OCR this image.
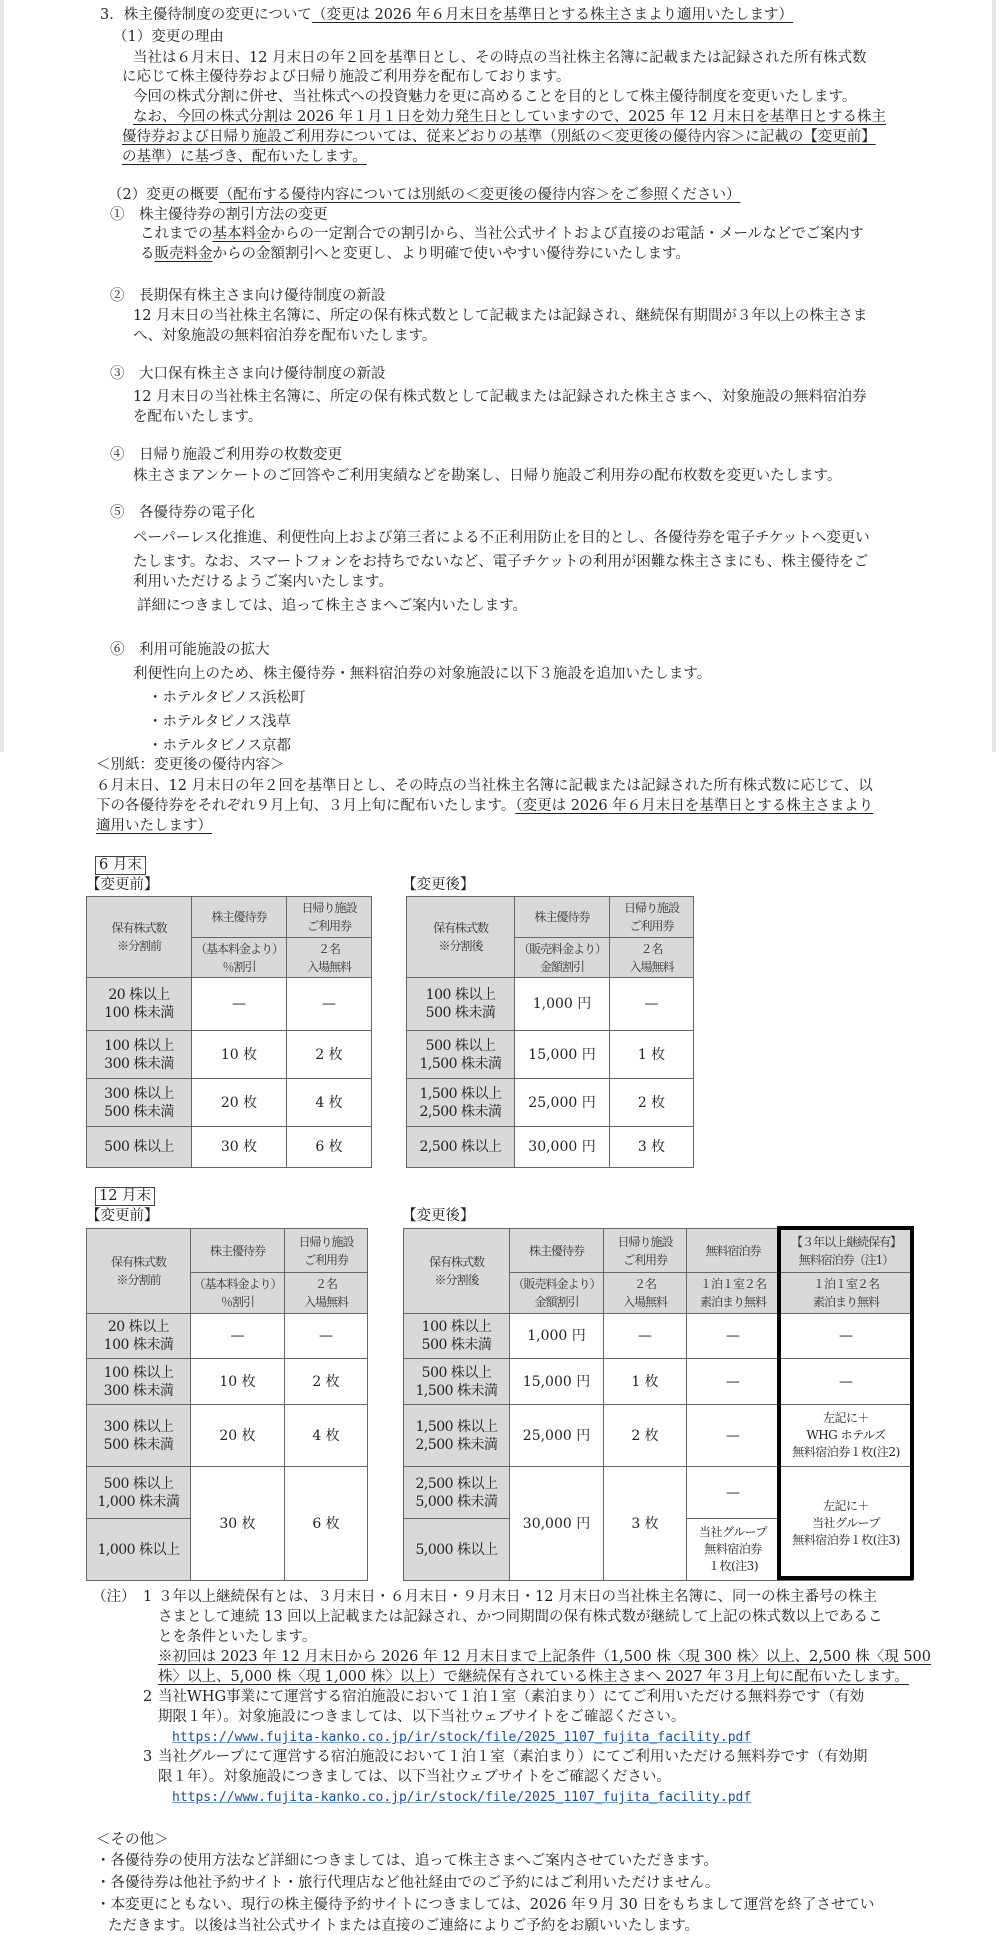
3．株主優待制度の変更について（変更は 2026 年６月末日を基準日とする株主さまより適用いたします）
（1）変更の理由
当社は６月末日、12 月末日の年２回を基準日とし、その時点の当社株主名簿に記載または記録された所有株式数
に応じて株主優待券および日帰り施設ご利用券を配布しております。
今回の株式分割に併せ、当社株式への投資魅力を更に高めることを目的として株主優待制度を変更いたします。
なお、今回の株式分割は 2026 年１月１日を効力発生日としていますので、2025 年 12 月末日を基準日とする株主
優待券および日帰り施設ご利用券については、従来どおりの基準（別紙の＜変更後の優待内容＞に記載の【変更前】
の基準）に基づき、配布いたします。
（2）変更の概要（配布する優待内容については別紙の＜変更後の優待内容＞をご参照ください）
①　株主優待券の割引方法の変更
これまでの基本料金からの一定割合での割引から、当社公式サイトおよび直接のお電話・メールなどでご案内す
る販売料金からの金額割引へと変更し、より明確で使いやすい優待券にいたします。
②　長期保有株主さま向け優待制度の新設
12 月末日の当社株主名簿に、所定の保有株式数として記載または記録され、継続保有期間が３年以上の株主さま
へ、対象施設の無料宿泊券を配布いたします。
③　大口保有株主さま向け優待制度の新設
12 月末日の当社株主名簿に、所定の保有株式数として記載または記録された株主さまへ、対象施設の無料宿泊券
を配布いたします。
④　日帰り施設ご利用券の枚数変更
株主さまアンケートのご回答やご利用実績などを勘案し、日帰り施設ご利用券の配布枚数を変更いたします。
⑤　各優待券の電子化
ペーパーレス化推進、利便性向上および第三者による不正利用防止を目的とし、各優待券を電子チケットへ変更い
たします。なお、スマートフォンをお持ちでないなど、電子チケットの利用が困難な株主さまにも、株主優待をご
利用いただけるようご案内いたします。
詳細につきましては、追って株主さまへご案内いたします。
⑥　利用可能施設の拡大
利便性向上のため、株主優待券・無料宿泊券の対象施設に以下３施設を追加いたします。
・ホテルタビノス浜松町
・ホテルタビノス浅草
・ホテルタビノス京都
＜別紙：変更後の優待内容＞
６月末日、12 月末日の年２回を基準日とし、その時点の当社株主名簿に記載または記録された所有株式数に応じて、以
下の各優待券をそれぞれ９月上旬、３月上旬に配布いたします。（変更は 2026 年６月末日を基準日とする株主さまより
適用いたします）
（注） 1 ３年以上継続保有とは、３月末日・６月末日・９月末日・12 月末日の当社株主名簿に、同一の株主番号の株主
さまとして連続 13 回以上記載または記録され、かつ同期間の保有株式数が継続して上記の株式数以上であるこ
とを条件といたします。
※初回は 2023 年 12 月末日から 2026 年 12 月末日まで上記条件（1,500 株〈現 300 株〉以上、2,500 株〈現 500
株〉以上、5,000 株〈現 1,000 株〉以上）で継続保有されている株主さまへ 2027 年３月上旬に配布いたします。
2 当社WHG事業にて運営する宿泊施設において１泊１室（素泊まり）にてご利用いただける無料券です（有効
期限１年）。対象施設につきましては、以下当社ウェブサイトをご確認ください。
https://www.fujita-kanko.co.jp/ir/stock/file/2025_1107_fujita_facility.pdf
3 当社グループにて運営する宿泊施設において１泊１室（素泊まり）にてご利用いただける無料券です（有効期
限１年）。対象施設につきましては、以下当社ウェブサイトをご確認ください。
https://www.fujita-kanko.co.jp/ir/stock/file/2025_1107_fujita_facility.pdf
＜その他＞
・各優待券の使用方法など詳細につきましては、追って株主さまへご案内させていただきます。
・各優待券は他社予約サイト・旅行代理店など他社経由でのご予約にはご利用いただけません。
・本変更にともない、現行の株主優待予約サイトにつきましては、2026 年９月 30 日をもちまして運営を終了させてい
ただきます。以後は当社公式サイトまたは直接のご連絡によりご予約をお願いいたします。
6 月末
【変更前】	【変更後】
12 月末
【変更前】	【変更後】
保有株式数
※分割前	株主優待券	日帰り施設
ご利用券
	（基本料金より）
％割引	２名
入場無料
20 株以上
100 株未満	—	—
100 株以上
300 株未満	10 枚	2 枚
300 株以上
500 株未満	20 枚	4 枚
500 株以上	30 枚	6 枚
保有株式数
※分割後	株主優待券	日帰り施設
ご利用券
	（販売料金より）
金額割引	２名
入場無料
100 株以上
500 株未満	1,000 円	—
500 株以上
1,500 株未満	15,000 円	1 枚
1,500 株以上
2,500 株未満	25,000 円	2 枚
2,500 株以上	30,000 円	3 枚
保有株式数
※分割前	株主優待券	日帰り施設
ご利用券
	（基本料金より）
％割引	２名
入場無料
20 株以上
100 株未満	—	—
100 株以上
300 株未満	10 枚	2 枚
300 株以上
500 株未満	20 枚	4 枚
500 株以上
1,000 株未満	30 枚	6 枚
1,000 株以上		
保有株式数
※分割後	株主優待券	日帰り施設
ご利用券	無料宿泊券	【３年以上継続保有】
無料宿泊券（注1）
	（販売料金より）
金額割引	２名
入場無料	１泊１室２名
素泊まり無料	１泊１室２名
素泊まり無料
100 株以上
500 株未満	1,000 円	—	—	—
500 株以上
1,500 株未満	15,000 円	1 枚	—	—
1,500 株以上
2,500 株未満	25,000 円	2 枚	—	左記に＋
WHG ホテルズ
無料宿泊券１枚(注2)
2,500 株以上
5,000 株未満	30,000 円	3 枚	—	左記に＋
当社グループ
無料宿泊券１枚(注3)
5,000 株以上			当社グループ
無料宿泊券
１枚(注3)	
